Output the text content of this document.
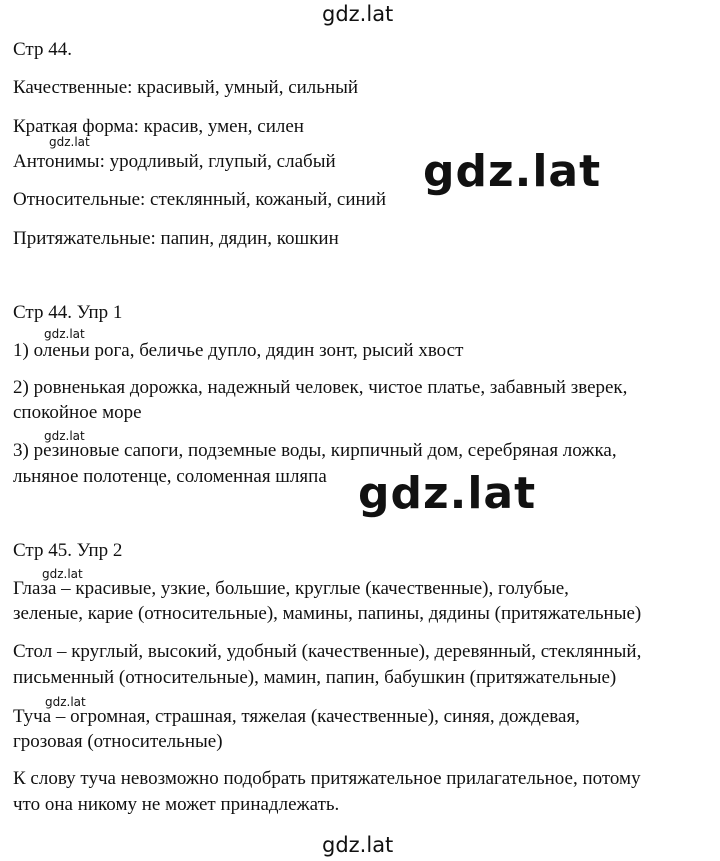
gdz.lat
gdz.lat
gdz.lat
gdz.lat
gdz.lat
gdz.lat
gdz.lat
gdz.lat
gdz.lat
Стр 44.
Качественные: красивый, умный, сильный
Краткая форма: красив, умен, силен
Антонимы: уродливый, глупый, слабый
Относительные: стеклянный, кожаный, синий
Притяжательные: папин, дядин, кошкин
Стр 44. Упр 1
1) оленьи рога, беличье дупло, дядин зонт, рысий хвост
2) ровненькая дорожка, надежный человек, чистое платье, забавный зверек,
спокойное море
3) резиновые сапоги, подземные воды, кирпичный дом, серебряная ложка,
льняное полотенце, соломенная шляпа
Стр 45. Упр 2
Глаза – красивые, узкие, большие, круглые (качественные), голубые,
зеленые, карие (относительные), мамины, папины, дядины (притяжательные)
Стол – круглый, высокий, удобный (качественные), деревянный, стеклянный,
письменный (относительные), мамин, папин, бабушкин (притяжательные)
Туча – огромная, страшная, тяжелая (качественные), синяя, дождевая,
грозовая (относительные)
К слову туча невозможно подобрать притяжательное прилагательное, потому
что она никому не может принадлежать.
